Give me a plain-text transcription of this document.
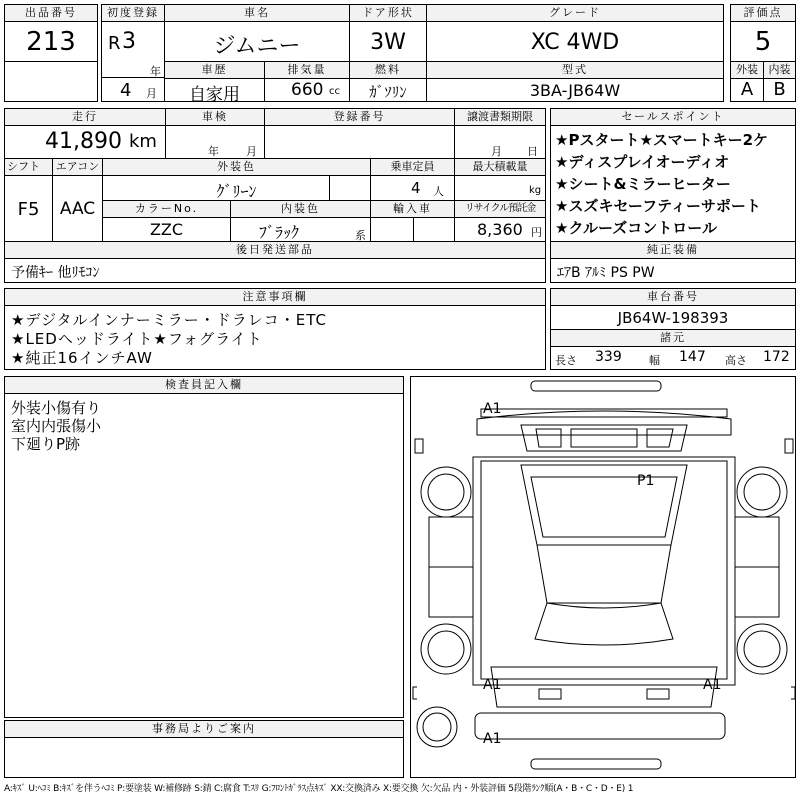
出品番号
213
初度登録
R 3
年
4 月
車名
ジムニー
ドア形状
3W
グレード
XC 4WD
評価点
5
車歴
自家用
排気量
660 cc
燃料
ｶﾞｿﾘﾝ
型式
3BA-JB64W
外装
A
内装
B
走行
41,890 km
車検
年 月
登録番号	譲渡書類期限
月 日
シフト
F5
エアコン
AAC
外装色
ｸﾞﾘｰﾝ
乗車定員
4 人
最大積載量
kg
カラーNo.
ZZC
内装色
ﾌﾞﾗｯｸ	系
輸入車	リサイクル預託金
8,360 円
後日発送部品
予備ｷｰ 他ﾘﾓｺﾝ
セールスポイント
★Pスタート★スマートキー2ケ
★ディスプレイオーディオ
★シート&ミラーヒーター
★スズキセーフティーサポート
★クルーズコントロール
純正装備
ｴｱB ｱﾙﾐ PS PW
注意事項欄
★デジタルインナーミラー・ドラレコ・ETC
★LEDヘッドライト★フォグライト
★純正16インチAW
車台番号
JB64W-198393
諸元
長さ 339 幅 147 高さ 172
検査員記入欄
外装小傷有り
室内内張傷小
下廻りP跡
事務局よりご案内
A1
P1
A1	A1
A1
A:ｷｽﾞ U:ﾍｺﾐ B:ｷｽﾞを伴うﾍｺﾐ P:要塗装 W:補修跡 S:錆 C:腐食 T:ｽﾘ G:ﾌﾛﾝﾄｶﾞﾗｽ点ｷｽﾞ XX:交換済み X:要交換 欠:欠品 内・外装評価 5段階ﾗﾝｸ順(A・B・C・D・E) 1
